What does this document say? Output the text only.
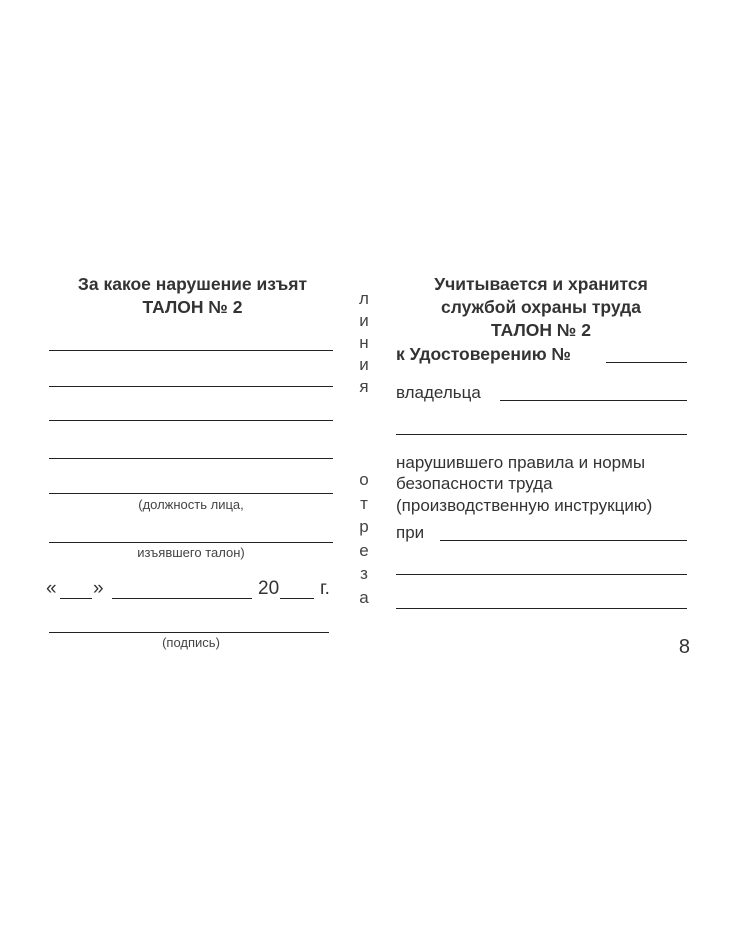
За какое нарушение изъят
ТАЛОН № 2
(должность лица,
изъявшего талон)
« »	20 г.
(подпись)
л
и
н
и
я
о
т
р
е
з
а
Учитывается и хранится
службой охраны труда
ТАЛОН № 2
к Удостоверению №
владельца
нарушившего правила и нормы
безопасности труда
(производственную инструкцию)
при
8
